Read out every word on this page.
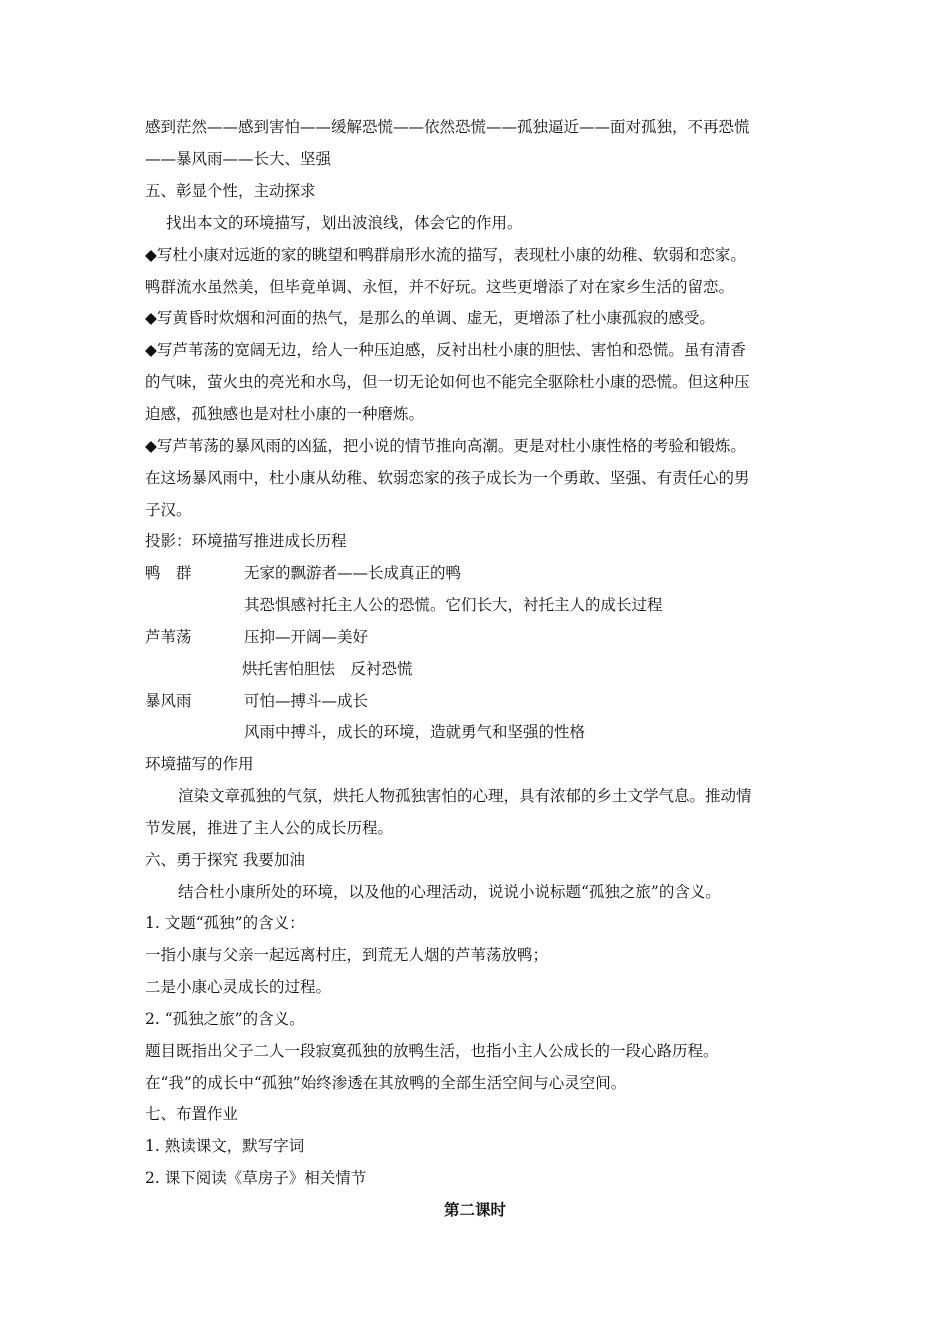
感到茫然——感到害怕——缓解恐慌——依然恐慌——孤独逼近——面对孤独，不再恐慌
——暴风雨——长大、坚强
五、彰显个性，主动探求
找出本文的环境描写，划出波浪线，体会它的作用。
◆写杜小康对远逝的家的眺望和鸭群扇形水流的描写，表现杜小康的幼稚、软弱和恋家。
鸭群流水虽然美，但毕竟单调、永恒，并不好玩。这些更增添了对在家乡生活的留恋。
◆写黄昏时炊烟和河面的热气，是那么的单调、虚无，更增添了杜小康孤寂的感受。
◆写芦苇荡的宽阔无边，给人一种压迫感，反衬出杜小康的胆怯、害怕和恐慌。虽有清香
的气味，萤火虫的亮光和水鸟，但一切无论如何也不能完全驱除杜小康的恐慌。但这种压
迫感，孤独感也是对杜小康的一种磨炼。
◆写芦苇荡的暴风雨的凶猛，把小说的情节推向高潮。更是对杜小康性格的考验和锻炼。
在这场暴风雨中，杜小康从幼稚、软弱恋家的孩子成长为一个勇敢、坚强、有责任心的男
子汉。
投影：环境描写推进成长历程
鸭　群	无家的飘游者——长成真正的鸭
其恐惧感衬托主人公的恐慌。它们长大，衬托主人的成长过程
芦苇荡	压抑—开阔—美好
烘托害怕胆怯　反衬恐慌
暴风雨	可怕—搏斗—成长
风雨中搏斗，成长的环境，造就勇气和坚强的性格
环境描写的作用
渲染文章孤独的气氛，烘托人物孤独害怕的心理，具有浓郁的乡土文学气息。推动情
节发展，推进了主人公的成长历程。
六、勇于探究 我要加油
结合杜小康所处的环境，以及他的心理活动，说说小说标题“孤独之旅”的含义。
1. 文题“孤独”的含义：
一指小康与父亲一起远离村庄，到荒无人烟的芦苇荡放鸭；
二是小康心灵成长的过程。
2. “孤独之旅”的含义。
题目既指出父子二人一段寂寞孤独的放鸭生活，也指小主人公成长的一段心路历程。
在“我”的成长中“孤独”始终渗透在其放鸭的全部生活空间与心灵空间。
七、布置作业
1. 熟读课文，默写字词
2. 课下阅读《草房子》相关情节
第二课时
